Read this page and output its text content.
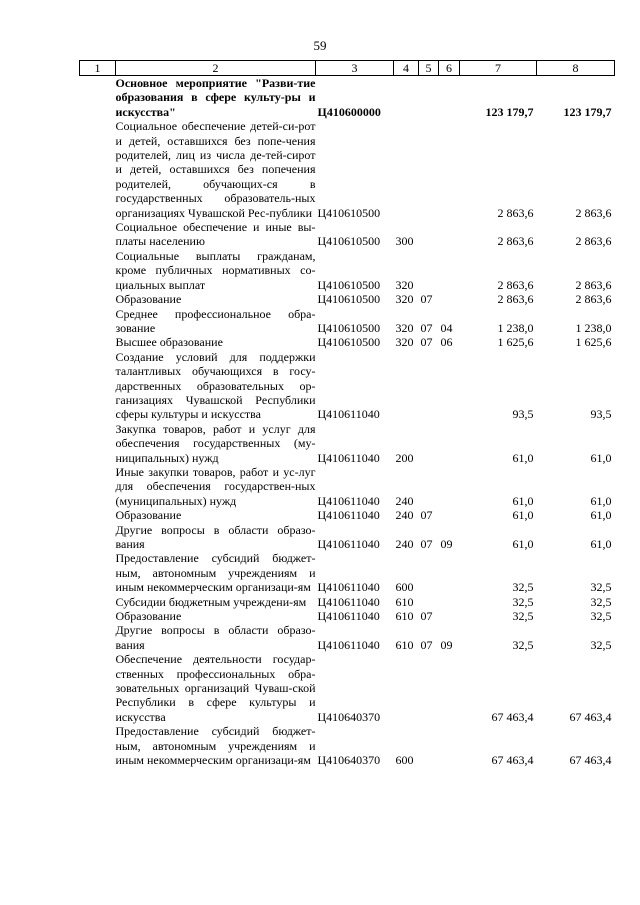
59
1	2	3	4	5	6	7	8
	Основное мероприятие "Разви-тие образования в сфере культу-ры и искусства"	Ц410600000				123 179,7	123 179,7
	Социальное обеспечение детей-си-рот и детей, оставшихся без попе-чения родителей, лиц из числа де-тей-сирот и детей, оставшихся без попечения родителей, обучающих-ся в государственных образователь-ных организациях Чувашской Рес-публики	Ц410610500				2 863,6	2 863,6
	Социальное обеспечение и иные вы-платы населению	Ц410610500	300			2 863,6	2 863,6
	Социальные выплаты гражданам, кроме публичных нормативных со-циальных выплат	Ц410610500	320			2 863,6	2 863,6
	Образование	Ц410610500	320	07		2 863,6	2 863,6
	Среднее профессиональное обра-зование	Ц410610500	320	07	04	1 238,0	1 238,0
	Высшее образование	Ц410610500	320	07	06	1 625,6	1 625,6
	Создание условий для поддержки талантливых обучающихся в госу-дарственных образовательных ор-ганизациях Чувашской Республики сферы культуры и искусства	Ц410611040				93,5	93,5
	Закупка товаров, работ и услуг для обеспечения государственных (му-ниципальных) нужд	Ц410611040	200			61,0	61,0
	Иные закупки товаров, работ и ус-луг для обеспечения государствен-ных (муниципальных) нужд	Ц410611040	240			61,0	61,0
	Образование	Ц410611040	240	07		61,0	61,0
	Другие вопросы в области образо-вания	Ц410611040	240	07	09	61,0	61,0
	Предоставление субсидий бюджет-ным, автономным учреждениям и иным некоммерческим организаци-ям	Ц410611040	600			32,5	32,5
	Субсидии бюджетным учреждени-ям	Ц410611040	610			32,5	32,5
	Образование	Ц410611040	610	07		32,5	32,5
	Другие вопросы в области образо-вания	Ц410611040	610	07	09	32,5	32,5
	Обеспечение деятельности государ-ственных профессиональных обра-зовательных организаций Чуваш-ской Республики в сфере культуры и искусства	Ц410640370				67 463,4	67 463,4
	Предоставление субсидий бюджет-ным, автономным учреждениям и иным некоммерческим организаци-ям	Ц410640370	600			67 463,4	67 463,4
